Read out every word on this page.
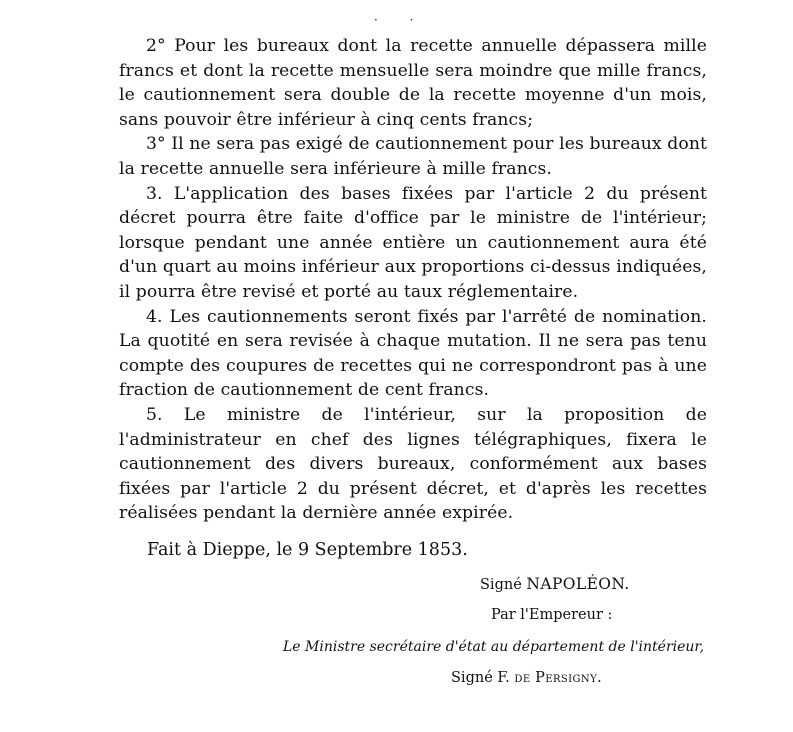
· ·

2° Pour les bureaux dont la recette annuelle dépassera mille francs et dont la recette mensuelle sera moindre que mille francs, le cautionnement sera double de la recette moyenne d'un mois, sans pouvoir être inférieur à cinq cents francs;

3° Il ne sera pas exigé de cautionnement pour les bureaux dont la recette annuelle sera inférieure à mille francs.

3. L'application des bases fixées par l'article 2 du présent décret pourra être faite d'office par le ministre de l'intérieur; lorsque pendant une année entière un cautionnement aura été d'un quart au moins inférieur aux proportions ci-dessus indiquées, il pourra être revisé et porté au taux réglementaire.

4. Les cautionnements seront fixés par l'arrêté de nomination. La quotité en sera revisée à chaque mutation. Il ne sera pas tenu compte des coupures de recettes qui ne correspondront pas à une fraction de cautionnement de cent francs.

5. Le ministre de l'intérieur, sur la proposition de l'administrateur en chef des lignes télégraphiques, fixera le cautionnement des divers bureaux, conformément aux bases fixées par l'article 2 du présent décret, et d'après les recettes réalisées pendant la dernière année expirée.

Fait à Dieppe, le 9 Septembre 1853.
Signé NAPOLÉON.
Par l'Empereur :
Le Ministre secrétaire d'état au département de l'intérieur,
Signé F. de Persigny.
